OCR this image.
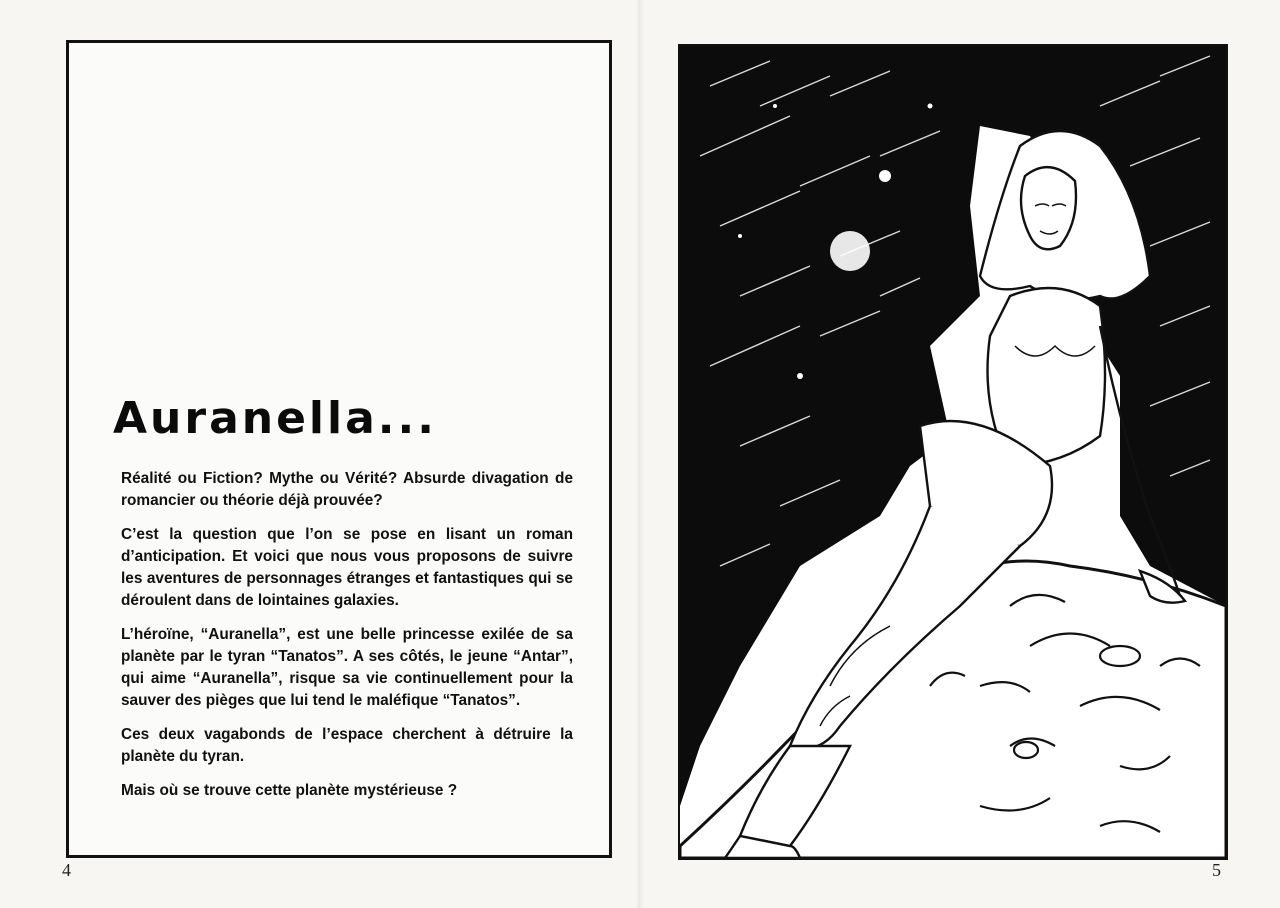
Auranella...

Réalité ou Fiction? Mythe ou Vérité? Absurde divagation de romancier ou théorie déjà prouvée?

C’est la question que l’on se pose en lisant un roman d’anticipation. Et voici que nous vous proposons de suivre les aventures de personnages étranges et fantastiques qui se déroulent dans de lointaines galaxies.

L’héroïne, “Auranella”, est une belle princesse exilée de sa planète par le tyran “Tanatos”. A ses côtés, le jeune “Antar”, qui aime “Auranella”, risque sa vie continuellement pour la sauver des pièges que lui tend le maléfique “Tanatos”.

Ces deux vagabonds de l’espace cherchent à détruire la planète du tyran.

Mais où se trouve cette planète mystérieuse ?

4	5
